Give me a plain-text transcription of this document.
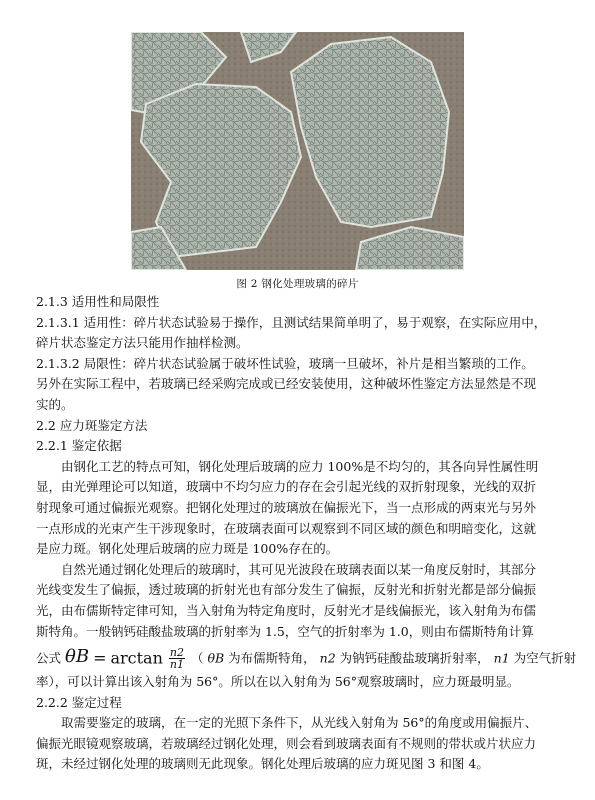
图 2 钢化处理玻璃的碎片
2.1.3 适用性和局限性
2.1.3.1 适用性：碎片状态试验易于操作，且测试结果简单明了，易于观察，在实际应用中，
碎片状态鉴定方法只能用作抽样检测。
2.1.3.2 局限性：碎片状态试验属于破坏性试验，玻璃一旦破坏，补片是相当繁琐的工作。
另外在实际工程中，若玻璃已经采购完成或已经安装使用，这种破坏性鉴定方法显然是不现
实的。
2.2 应力斑鉴定方法
2.2.1 鉴定依据
由钢化工艺的特点可知，钢化处理后玻璃的应力 100%是不均匀的，其各向异性属性明
显，由光弹理论可以知道，玻璃中不均匀应力的存在会引起光线的双折射现象，光线的双折
射现象可通过偏振光观察。把钢化处理过的玻璃放在偏振光下，当一点形成的两束光与另外
一点形成的光束产生干涉现象时，在玻璃表面可以观察到不同区域的颜色和明暗变化，这就
是应力斑。钢化处理后玻璃的应力斑是 100%存在的。
自然光通过钢化处理后的玻璃时，其可见光波段在玻璃表面以某一角度反射时，其部分
光线变发生了偏振，透过玻璃的折射光也有部分发生了偏振，反射光和折射光都是部分偏振
光，由布儒斯特定律可知，当入射角为特定角度时，反射光才是线偏振光，该入射角为布儒
斯特角。一般钠钙硅酸盐玻璃的折射率为 1.5，空气的折射率为 1.0，则由布儒斯特角计算
公式 $\theta B = \arctan \frac{n2}{n1}$ （ θB 为布儒斯特角， n2 为钠钙硅酸盐玻璃折射率， n1 为空气折射
率），可以计算出该入射角为 56°。所以在以入射角为 56°观察玻璃时，应力斑最明显。
2.2.2 鉴定过程
取需要鉴定的玻璃，在一定的光照下条件下，从光线入射角为 56°的角度或用偏振片、
偏振光眼镜观察玻璃，若玻璃经过钢化处理，则会看到玻璃表面有不规则的带状或片状应力
斑，未经过钢化处理的玻璃则无此现象。钢化处理后玻璃的应力斑见图 3 和图 4。
